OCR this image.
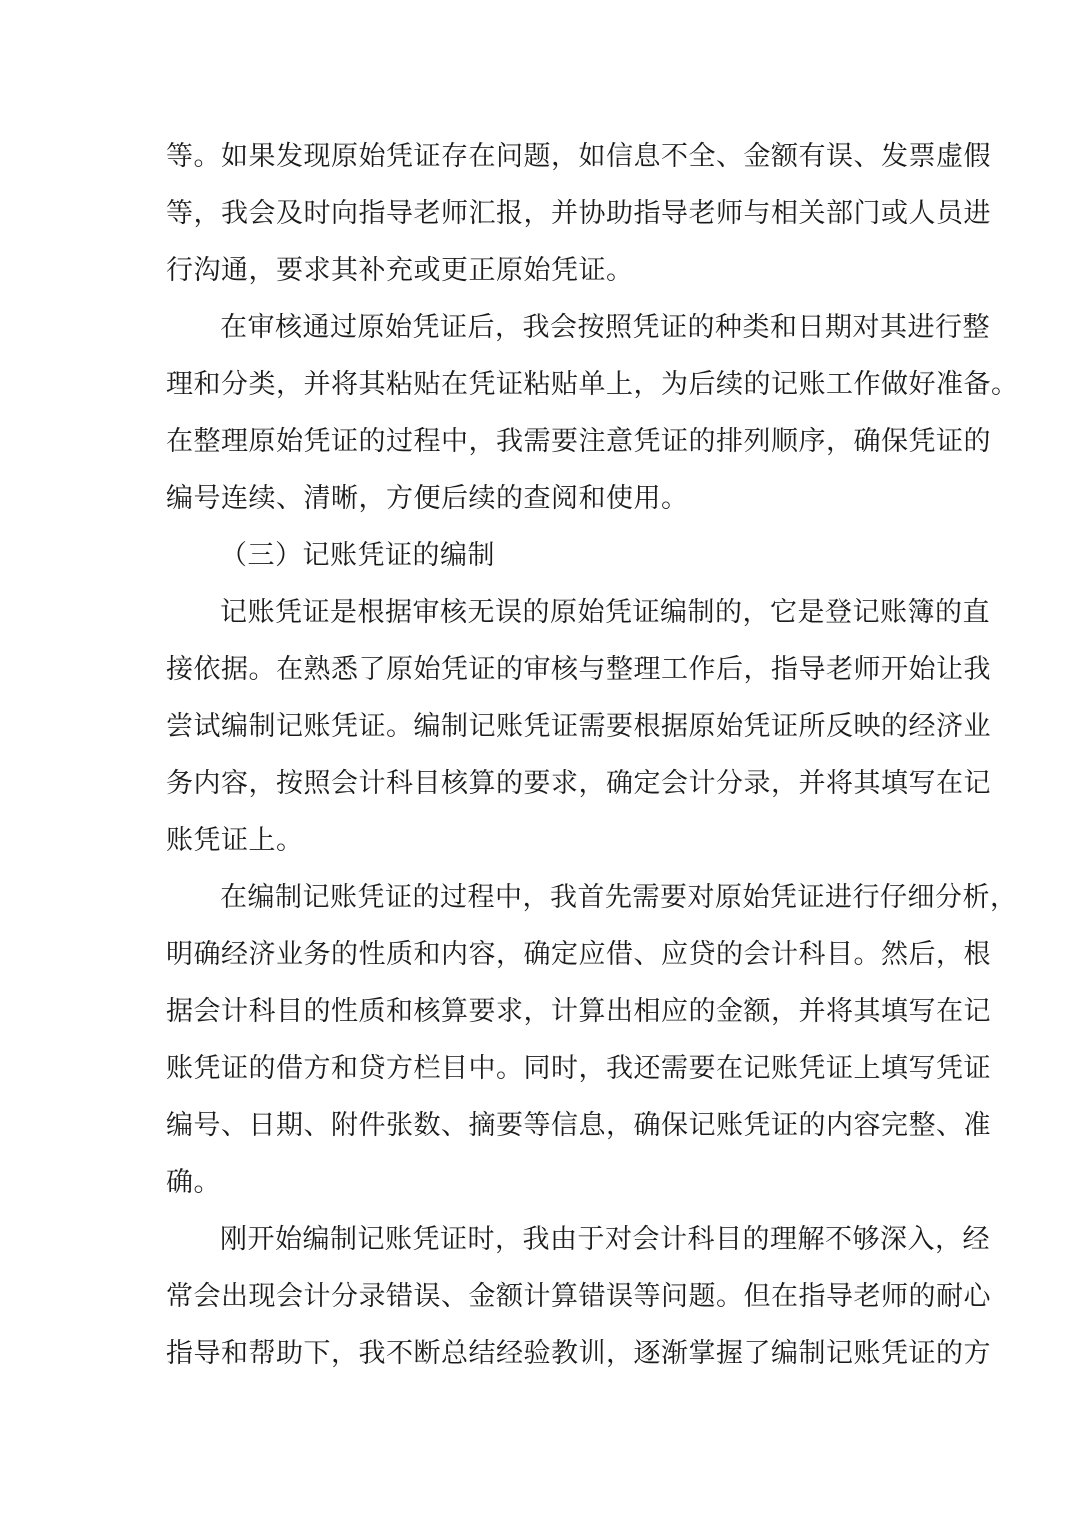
等。如果发现原始凭证存在问题，如信息不全、金额有误、发票虚假
等，我会及时向指导老师汇报，并协助指导老师与相关部门或人员进
行沟通，要求其补充或更正原始凭证。
在审核通过原始凭证后，我会按照凭证的种类和日期对其进行整
理和分类，并将其粘贴在凭证粘贴单上，为后续的记账工作做好准备。
在整理原始凭证的过程中，我需要注意凭证的排列顺序，确保凭证的
编号连续、清晰，方便后续的查阅和使用。
（三）记账凭证的编制
记账凭证是根据审核无误的原始凭证编制的，它是登记账簿的直
接依据。在熟悉了原始凭证的审核与整理工作后，指导老师开始让我
尝试编制记账凭证。编制记账凭证需要根据原始凭证所反映的经济业
务内容，按照会计科目核算的要求，确定会计分录，并将其填写在记
账凭证上。
在编制记账凭证的过程中，我首先需要对原始凭证进行仔细分析，
明确经济业务的性质和内容，确定应借、应贷的会计科目。然后，根
据会计科目的性质和核算要求，计算出相应的金额，并将其填写在记
账凭证的借方和贷方栏目中。同时，我还需要在记账凭证上填写凭证
编号、日期、附件张数、摘要等信息，确保记账凭证的内容完整、准
确。
刚开始编制记账凭证时，我由于对会计科目的理解不够深入，经
常会出现会计分录错误、金额计算错误等问题。但在指导老师的耐心
指导和帮助下，我不断总结经验教训，逐渐掌握了编制记账凭证的方
